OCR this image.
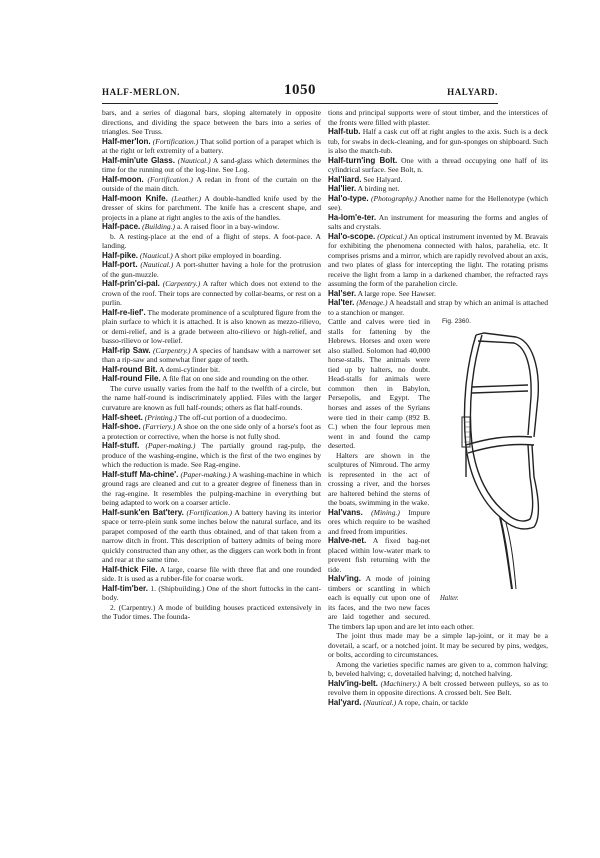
HALF-MERLON.	1050	HALYARD.

bars, and a series of diagonal bars, sloping alternately in opposite directions, and dividing the space between the bars into a series of triangles. See Truss.

Half-mer'lon. (Fortification.) That solid portion of a parapet which is at the right or left extremity of a battery.

Half-min'ute Glass. (Nautical.) A sand-glass which determines the time for the running out of the log-line. See Log.

Half-moon. (Fortification.) A redan in front of the curtain on the outside of the main ditch.

Half-moon Knife. (Leather.) A double-handled knife used by the dresser of skins for parchment. The knife has a crescent shape, and projects in a plane at right angles to the axis of the handles.

Half-pace. (Building.) a. A raised floor in a bay-window.

b. A resting-place at the end of a flight of steps. A foot-pace. A landing.

Half-pike. (Nautical.) A short pike employed in boarding.

Half-port. (Nautical.) A port-shutter having a hole for the protrusion of the gun-muzzle.

Half-prin'ci-pal. (Carpentry.) A rafter which does not extend to the crown of the roof. Their tops are connected by collar-beams, or rest on a purlin.

Half-re-lief'. The moderate prominence of a sculptured figure from the plain surface to which it is attached. It is also known as mezzo-rilievo, or demi-relief, and is a grade between alto-rilievo or high-relief, and basso-rilievo or low-relief.

Half-rip Saw. (Carpentry.) A species of handsaw with a narrower set than a rip-saw and somewhat finer gage of teeth.

Half-round Bit. A demi-cylinder bit.

Half-round File. A file flat on one side and rounding on the other.

The curve usually varies from the half to the twelfth of a circle, but the name half-round is indiscriminately applied. Files with the larger curvature are known as full half-rounds; others as flat half-rounds.

Half-sheet. (Printing.) The off-cut portion of a duodecimo.

Half-shoe. (Farriery.) A shoe on the one side only of a horse's foot as a protection or corrective, when the horse is not fully shod.

Half-stuff. (Paper-making.) The partially ground rag-pulp, the produce of the washing-engine, which is the first of the two engines by which the reduction is made. See Rag-engine.

Half-stuff Ma-chine'. (Paper-making.) A washing-machine in which ground rags are cleaned and cut to a greater degree of fineness than in the rag-engine. It resembles the pulping-machine in everything but being adapted to work on a coarser article.

Half-sunk'en Bat'tery. (Fortification.) A battery having its interior space or terre-plein sunk some inches below the natural surface, and its parapet composed of the earth thus obtained, and of that taken from a narrow ditch in front. This description of battery admits of being more quickly constructed than any other, as the diggers can work both in front and rear at the same time.

Half-thick File. A large, coarse file with three flat and one rounded side. It is used as a rubber-file for coarse work.

Half-tim'ber. 1. (Shipbuilding.) One of the short futtocks in the cant-body.

2. (Carpentry.) A mode of building houses practiced extensively in the Tudor times. The founda-

tions and principal supports were of stout timber, and the interstices of the fronts were filled with plaster.

Half-tub. Half a cask cut off at right angles to the axis. Such is a deck tub, for swabs in deck-cleaning, and for gun-sponges on shipboard. Such is also the match-tub.

Half-turn'ing Bolt. One with a thread occupying one half of its cylindrical surface. See Bolt, n.

Hal'liard. See Halyard.

Hal'lier. A birding net.

Hal'o-type. (Photography.) Another name for the Hellenotype (which see).

Ha-lom'e-ter. An instrument for measuring the forms and angles of salts and crystals.

Hal'o-scope. (Optical.) An optical instrument invented by M. Bravais for exhibiting the phenomena connected with halos, parahelia, etc. It comprises prisms and a mirror, which are rapidly revolved about an axis, and two plates of glass for intercepting the light. The rotating prisms receive the light from a lamp in a darkened chamber, the refracted rays assuming the form of the parahelion circle.

Hal'ser. A large rope. See Hawser.

Hal'ter. (Menage.) A headstall and strap by which an animal is attached to a stanchion or manger.

Fig. 2360.
Halter.

Cattle and calves were tied in stalls for fattening by the Hebrews. Horses and oxen were also stalled. Solomon had 40,000 horse-stalls. The animals were tied up by halters, no doubt. Head-stalls for animals were common then in Babylon, Persepolis, and Egypt. The horses and asses of the Syrians were tied in their camp (892 B. C.) when the four leprous men went in and found the camp deserted.

Halters are shown in the sculptures of Nimroud. The army is represented in the act of crossing a river, and the horses are haltered behind the sterns of the boats, swimming in the wake.

Hal'vans. (Mining.) Impure ores which require to be washed and freed from impurities.

Halve-net. A fixed bag-net placed within low-water mark to prevent fish returning with the tide.

Halv'ing. A mode of joining timbers or scantling in which each is equally cut upon one of its faces, and the two new faces are laid together and secured. The timbers lap upon and are let into each other.

The joint thus made may be a simple lap-joint, or it may be a dovetail, a scarf, or a notched joint. It may be secured by pins, wedges, or bolts, according to circumstances.

Among the varieties specific names are given to a, common halving; b, beveled halving; c, dovetailed halving; d, notched halving.

Halv'ing-belt. (Machinery.) A belt crossed between pulleys, so as to revolve them in opposite directions. A crossed belt. See Belt.

Hal'yard. (Nautical.) A rope, chain, or tackle
